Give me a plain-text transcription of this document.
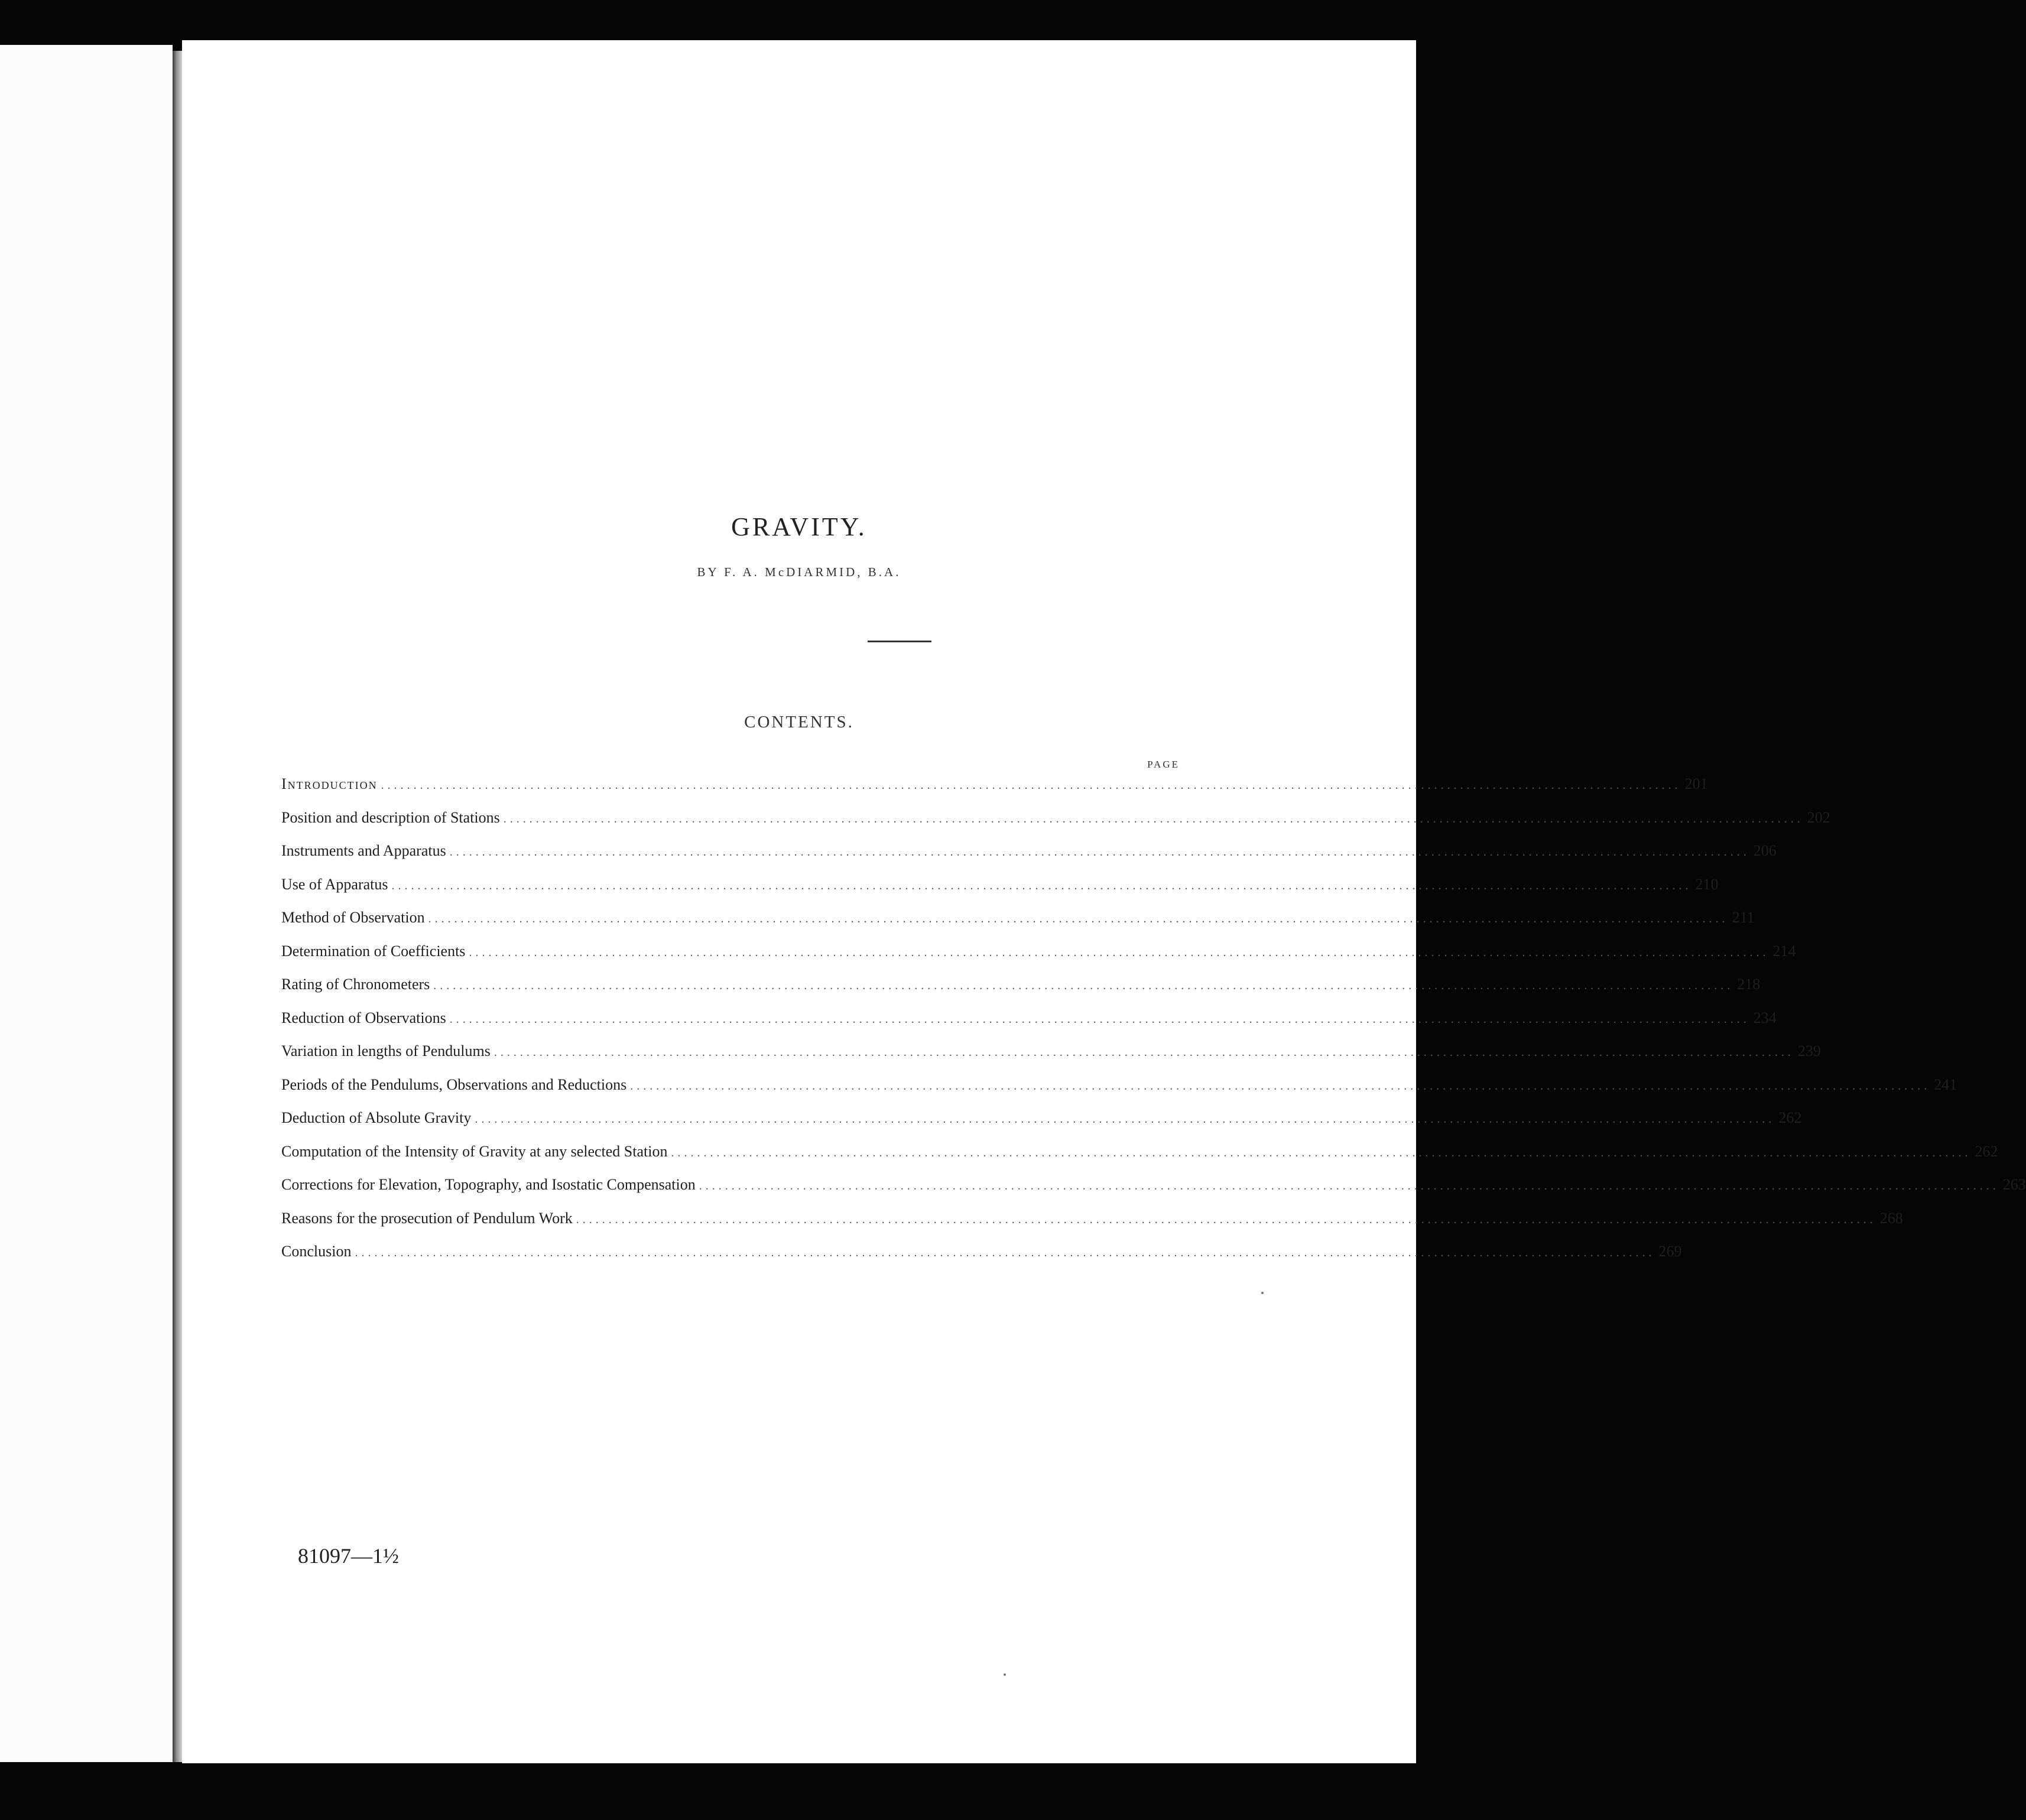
GRAVITY.
BY F. A. McDIARMID, B.A.
CONTENTS.
PAGE
Introduction ........................................................................................................................................................................................................ 201
Position and description of Stations ........................................................................................................................................................................................................ 202
Instruments and Apparatus ........................................................................................................................................................................................................ 206
Use of Apparatus ........................................................................................................................................................................................................ 210
Method of Observation ........................................................................................................................................................................................................ 211
Determination of Coefficients ........................................................................................................................................................................................................ 214
Rating of Chronometers ........................................................................................................................................................................................................ 218
Reduction of Observations ........................................................................................................................................................................................................ 234
Variation in lengths of Pendulums ........................................................................................................................................................................................................ 239
Periods of the Pendulums, Observations and Reductions ........................................................................................................................................................................................................ 241
Deduction of Absolute Gravity ........................................................................................................................................................................................................ 262
Computation of the Intensity of Gravity at any selected Station ........................................................................................................................................................................................................ 262
Corrections for Elevation, Topography, and Isostatic Compensation ........................................................................................................................................................................................................ 263
Reasons for the prosecution of Pendulum Work ........................................................................................................................................................................................................ 268
Conclusion ........................................................................................................................................................................................................ 269
81097—1½
